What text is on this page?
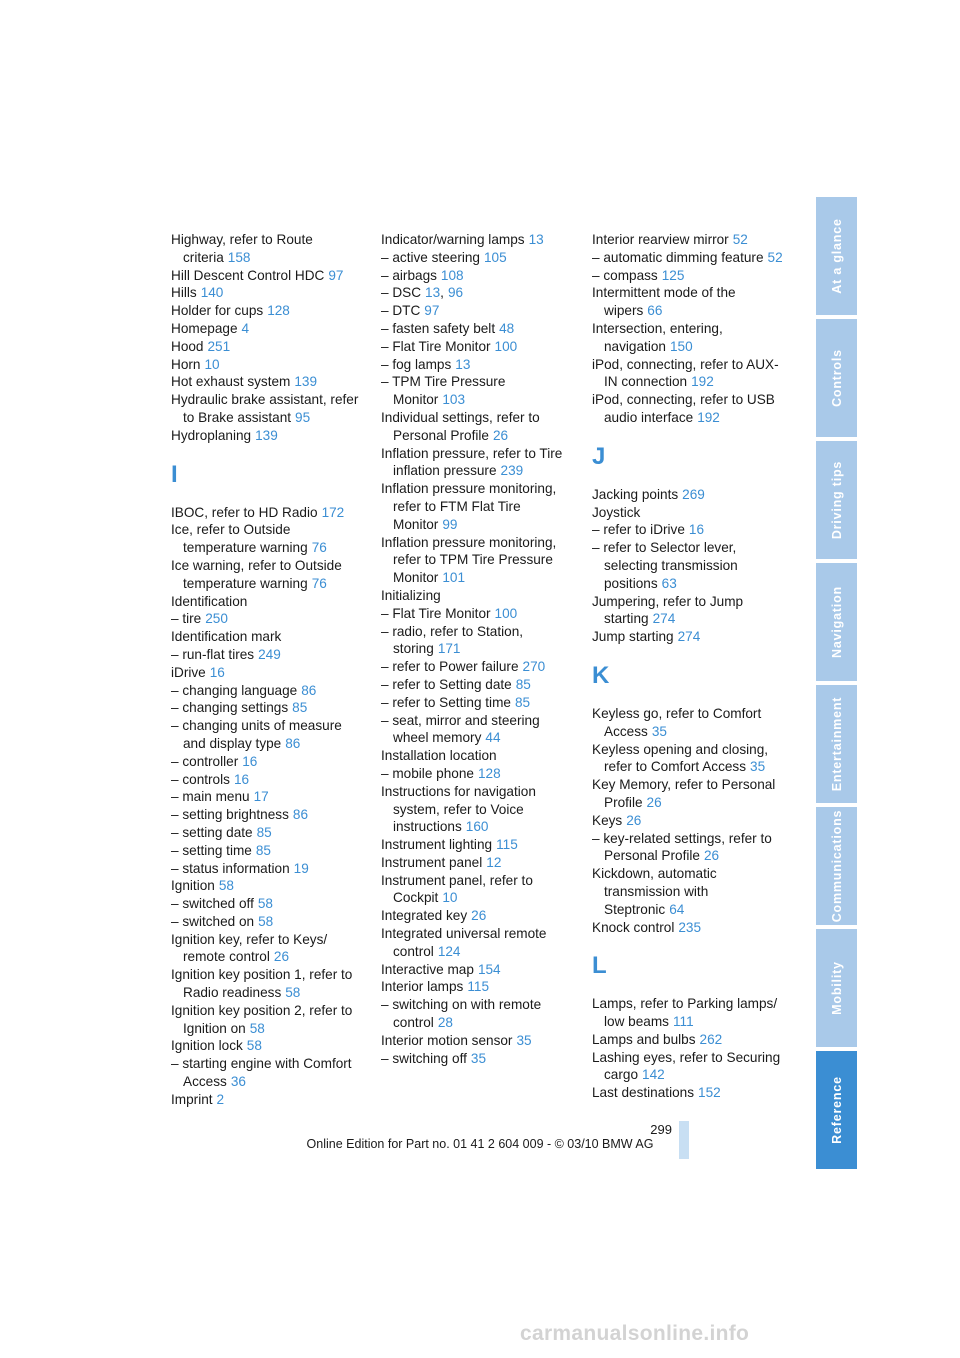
Highway, refer to Route criteria 158

Hill Descent Control HDC 97

Hills 140

Holder for cups 128

Homepage 4

Hood 251

Horn 10

Hot exhaust system 139

Hydraulic brake assistant, refer to Brake assistant 95

Hydroplaning 139

I

IBOC, refer to HD Radio 172

Ice, refer to Outside temperature warning 76

Ice warning, refer to Outside temperature warning 76

Identification

– tire 250

Identification mark

– run-flat tires 249

iDrive 16

– changing language 86

– changing settings 85

– changing units of measure and display type 86

– controller 16

– controls 16

– main menu 17

– setting brightness 86

– setting date 85

– setting time 85

– status information 19

Ignition 58

– switched off 58

– switched on 58

Ignition key, refer to Keys/ remote control 26

Ignition key position 1, refer to Radio readiness 58

Ignition key position 2, refer to Ignition on 58

Ignition lock 58

– starting engine with Comfort Access 36

Imprint 2

Indicator/warning lamps 13

– active steering 105

– airbags 108

– DSC 13, 96

– DTC 97

– fasten safety belt 48

– Flat Tire Monitor 100

– fog lamps 13

– TPM Tire Pressure Monitor 103

Individual settings, refer to Personal Profile 26

Inflation pressure, refer to Tire inflation pressure 239

Inflation pressure monitoring, refer to FTM Flat Tire Monitor 99

Inflation pressure monitoring, refer to TPM Tire Pressure Monitor 101

Initializing

– Flat Tire Monitor 100

– radio, refer to Station, storing 171

– refer to Power failure 270

– refer to Setting date 85

– refer to Setting time 85

– seat, mirror and steering wheel memory 44

Installation location

– mobile phone 128

Instructions for navigation system, refer to Voice instructions 160

Instrument lighting 115

Instrument panel 12

Instrument panel, refer to Cockpit 10

Integrated key 26

Integrated universal remote control 124

Interactive map 154

Interior lamps 115

– switching on with remote control 28

Interior motion sensor 35

– switching off 35

Interior rearview mirror 52

– automatic dimming feature 52

– compass 125

Intermittent mode of the wipers 66

Intersection, entering, navigation 150

iPod, connecting, refer to AUX-IN connection 192

iPod, connecting, refer to USB audio interface 192

J

Jacking points 269

Joystick

– refer to iDrive 16

– refer to Selector lever, selecting transmission positions 63

Jumpering, refer to Jump starting 274

Jump starting 274

K

Keyless go, refer to Comfort Access 35

Keyless opening and closing, refer to Comfort Access 35

Key Memory, refer to Personal Profile 26

Keys 26

– key-related settings, refer to Personal Profile 26

Kickdown, automatic transmission with Steptronic 64

Knock control 235

L

Lamps, refer to Parking lamps/ low beams 111

Lamps and bulbs 262

Lashing eyes, refer to Securing cargo 142

Last destinations 152

At a glance
Controls
Driving tips
Navigation
Entertainment
Communications
Mobility
Reference
299
Online Edition for Part no. 01 41 2 604 009 - © 03/10 BMW AG
carmanualsonline.info
